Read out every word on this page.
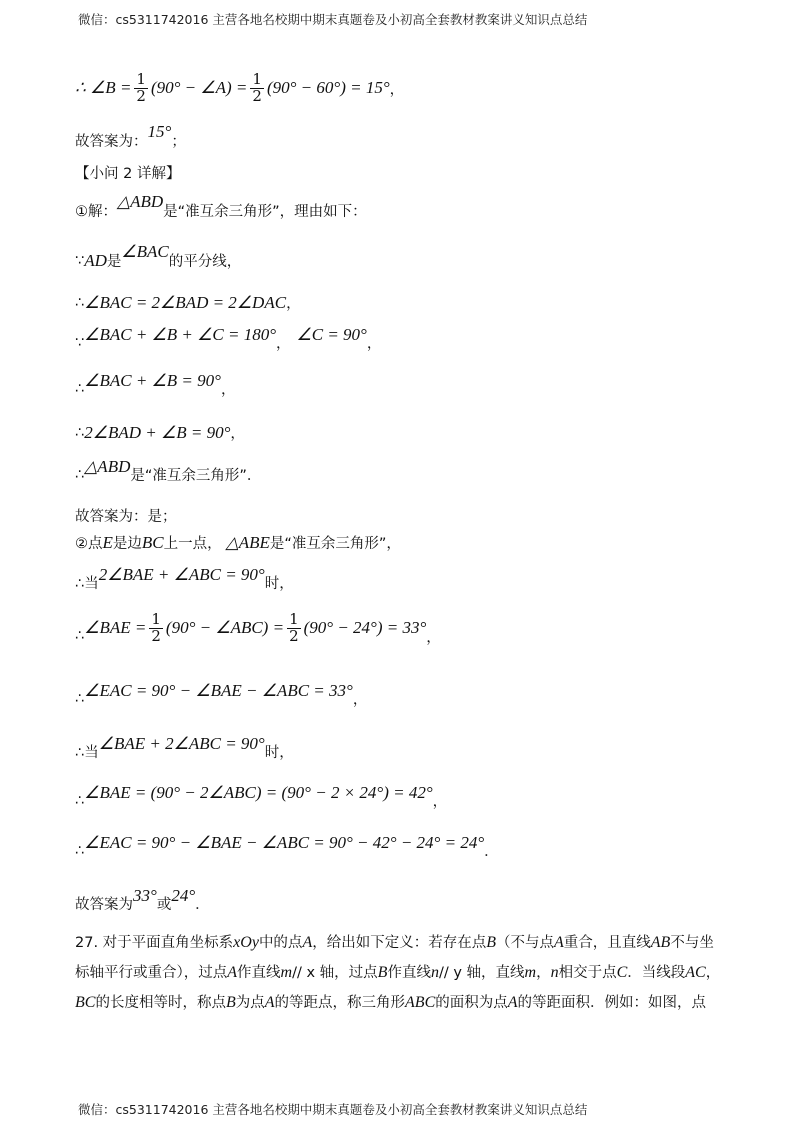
微信：cs5311742016 主营各地名校期中期末真题卷及小初高全套教材教案讲义知识点总结
∴ ∠B = $\frac{1}{2} (90^\circ$ − ∠A) = $\frac{1}{2} (90^\circ - 60^\circ) = 15^\circ$ ，
故答案为：
15°
；
【小问 2 详解】
①解：
△ABD
是“准互余三角形”，理由如下：
∵ AD 是
∠BAC
的平分线，
∴ ∠BAC = 2∠BAD = 2∠DAC ，
∵ ∠BAC + ∠B + ∠C = 180°
，
∠C = 90°
，
∴ ∠BAC + ∠B = 90°
，
∴ 2∠BAD + ∠B = 90° ，
∴ △ABD
是“准互余三角形”．
故答案为：是；
②点 E 是边 BC 上一点， △ABE 是“准互余三角形”，
∴当
2∠BAE + ∠ABC = 90°
时，
∴ ∠BAE = $\frac{1}{2} (90^\circ$ − ∠ABC) = $\frac{1}{2} (90^\circ - 24^\circ) = 33^\circ$
，
∴ ∠EAC = 90° − ∠BAE − ∠ABC = 33°
，
∴当
∠BAE + 2∠ABC = 90°
时，
∴ ∠BAE = (90° − 2∠ABC) = (90° − 2 × 24°) = 42°
，
∴ ∠EAC = 90° − ∠BAE − ∠ABC = 90° − 42° − 24° = 24°
．
故答案为
33°
或
24°
．
27. 对于平面直角坐标系xOy中的点A，给出如下定义：若存在点B（不与点A重合，且直线AB不与坐标轴平行或重合），过点A作直线m// x 轴，过点B作直线n// y 轴，直线m，n相交于点C．当线段AC，BC的长度相等时，称点B为点A的等距点，称三角形ABC的面积为点A的等距面积．例如：如图，点
微信：cs5311742016 主营各地名校期中期末真题卷及小初高全套教材教案讲义知识点总结
